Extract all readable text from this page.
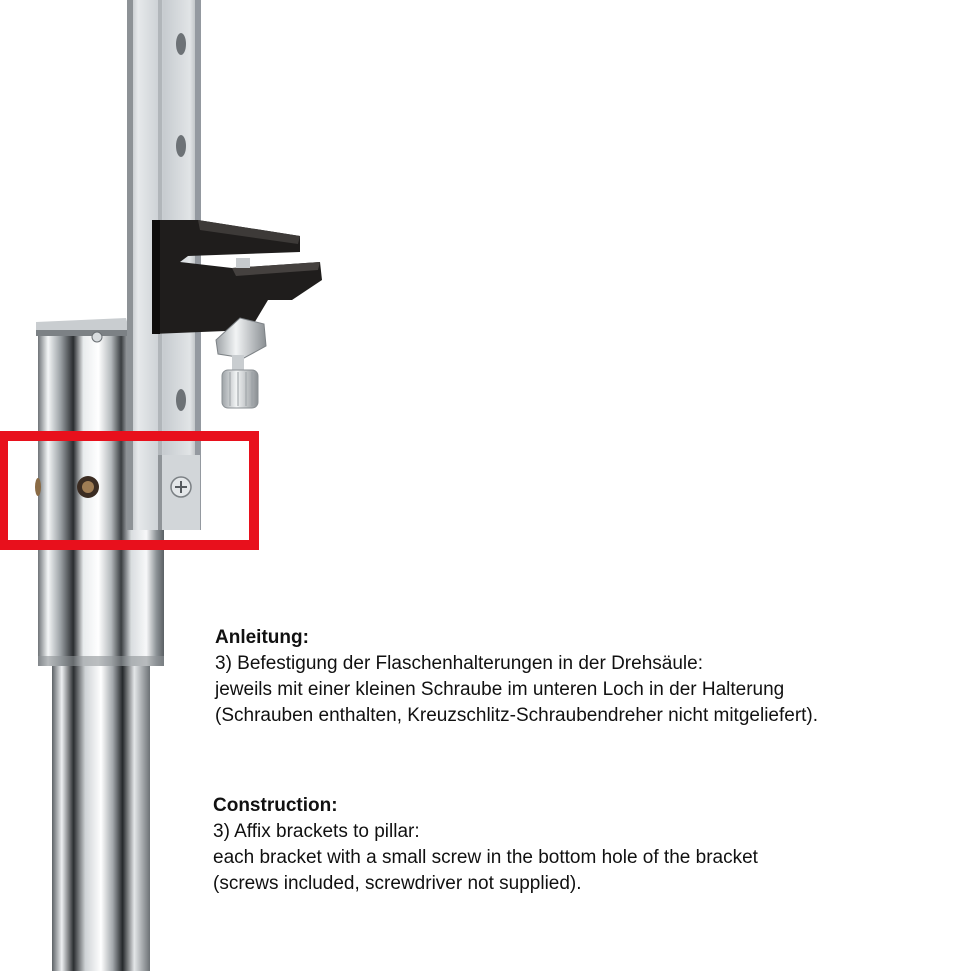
Anleitung:
3) Befestigung der Flaschenhalterungen in der Drehsäule:
jeweils mit einer kleinen Schraube im unteren Loch in der Halterung
(Schrauben enthalten, Kreuzschlitz-Schraubendreher nicht mitgeliefert).
Construction:
3) Affix brackets to pillar:
each bracket with a small screw in the bottom hole of the bracket
(screws included, screwdriver not supplied).
